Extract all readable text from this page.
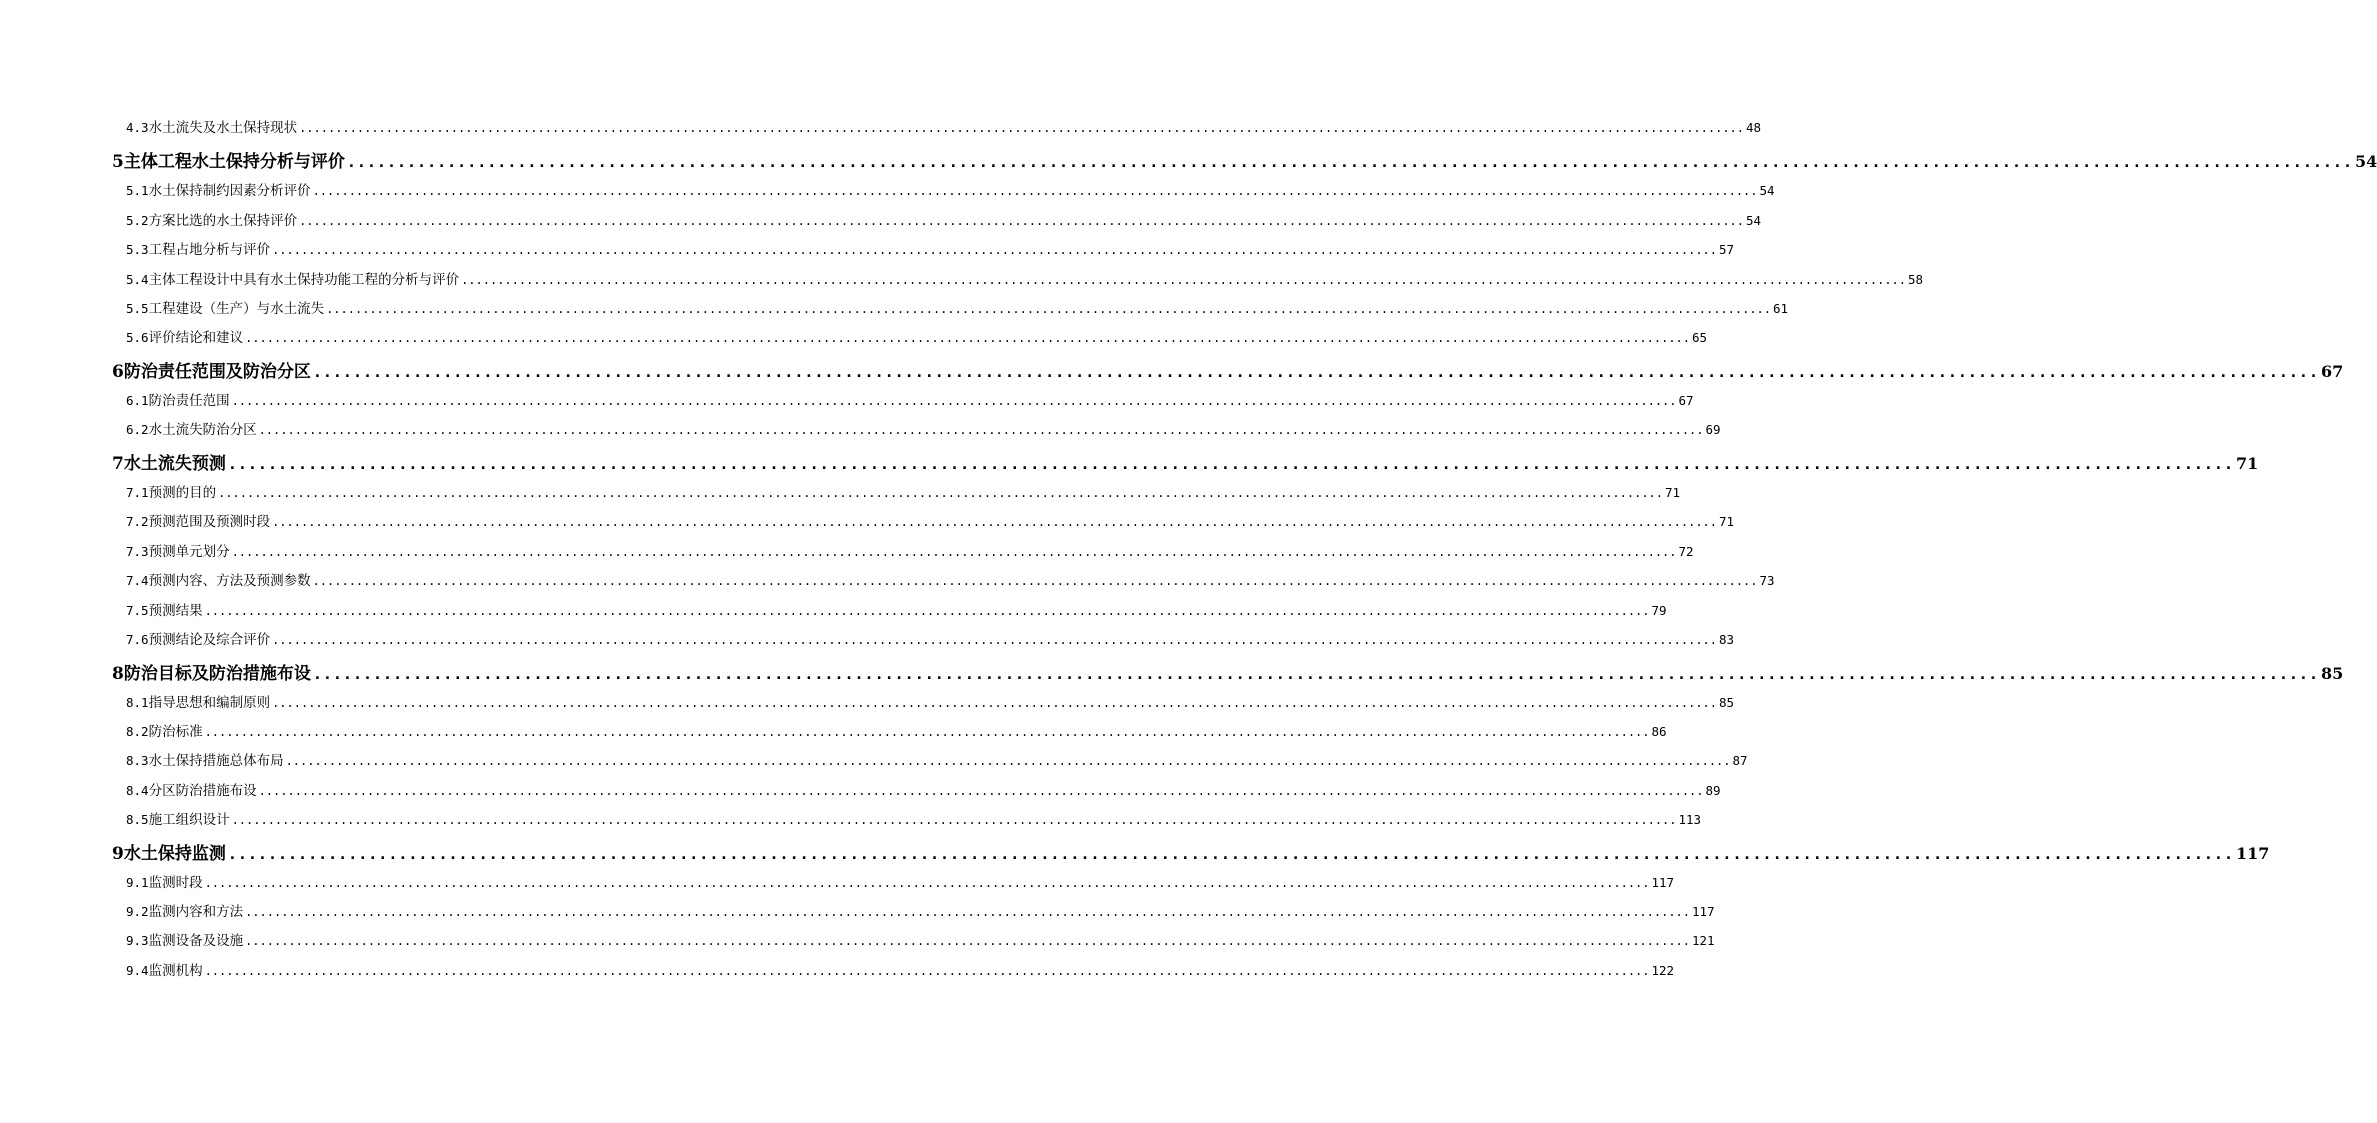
4.3 水土流失及水土保持现状 ........................................................................................................................................................................................................ 48
5 主体工程水土保持分析与评价 ........................................................................................................................................................................................................ 54
5.1 水土保持制约因素分析评价 ........................................................................................................................................................................................................ 54
5.2 方案比选的水土保持评价 ........................................................................................................................................................................................................ 54
5.3 工程占地分析与评价 ........................................................................................................................................................................................................ 57
5.4 主体工程设计中具有水土保持功能工程的分析与评价 ........................................................................................................................................................................................................ 58
5.5 工程建设（生产）与水土流失 ........................................................................................................................................................................................................ 61
5.6 评价结论和建议 ........................................................................................................................................................................................................ 65
6 防治责任范围及防治分区 ........................................................................................................................................................................................................ 67
6.1 防治责任范围 ........................................................................................................................................................................................................ 67
6.2 水土流失防治分区 ........................................................................................................................................................................................................ 69
7 水土流失预测 ........................................................................................................................................................................................................ 71
7.1 预测的目的 ........................................................................................................................................................................................................ 71
7.2 预测范围及预测时段 ........................................................................................................................................................................................................ 71
7.3 预测单元划分 ........................................................................................................................................................................................................ 72
7.4 预测内容、方法及预测参数 ........................................................................................................................................................................................................ 73
7.5 预测结果 ........................................................................................................................................................................................................ 79
7.6 预测结论及综合评价 ........................................................................................................................................................................................................ 83
8 防治目标及防治措施布设 ........................................................................................................................................................................................................ 85
8.1 指导思想和编制原则 ........................................................................................................................................................................................................ 85
8.2 防治标准 ........................................................................................................................................................................................................ 86
8.3 水土保持措施总体布局 ........................................................................................................................................................................................................ 87
8.4 分区防治措施布设 ........................................................................................................................................................................................................ 89
8.5 施工组织设计 ........................................................................................................................................................................................................ 113
9 水土保持监测 ........................................................................................................................................................................................................ 117
9.1 监测时段 ........................................................................................................................................................................................................ 117
9.2 监测内容和方法 ........................................................................................................................................................................................................ 117
9.3 监测设备及设施 ........................................................................................................................................................................................................ 121
9.4 监测机构 ........................................................................................................................................................................................................ 122
